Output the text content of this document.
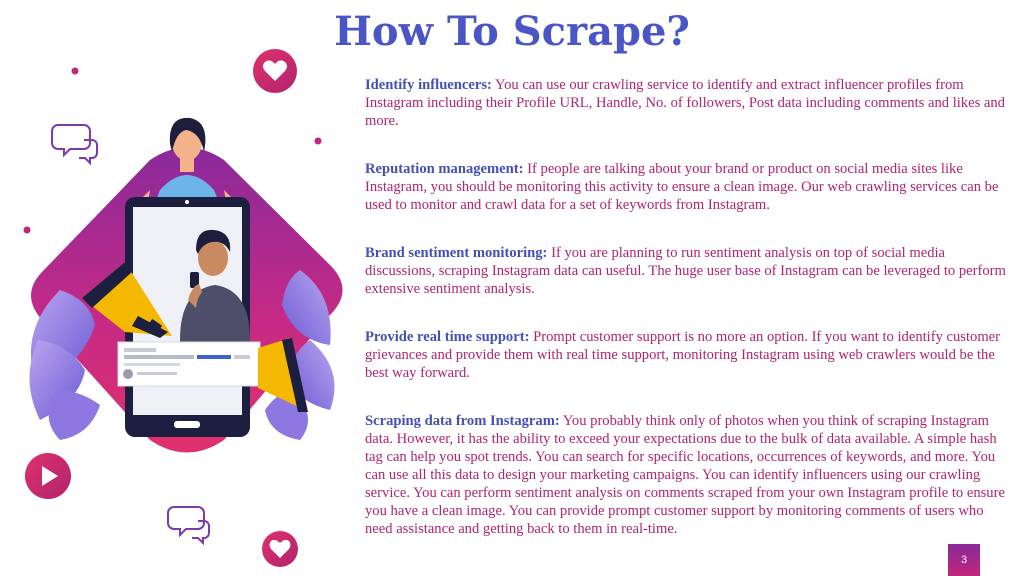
How To Scrape?

Identify influencers: You can use our crawling service to identify and extract influencer profiles from Instagram including their Profile URL, Handle, No. of followers, Post data including comments and likes and more.

Reputation management: If people are talking about your brand or product on social media sites like Instagram, you should be monitoring this activity to ensure a clean image. Our web crawling services can be used to monitor and crawl data for a set of keywords from Instagram.

Brand sentiment monitoring: If you are planning to run sentiment analysis on top of social media discussions, scraping Instagram data can useful. The huge user base of Instagram can be leveraged to perform extensive sentiment analysis.

Provide real time support: Prompt customer support is no more an option. If you want to identify customer grievances and provide them with real time support, monitoring Instagram using web crawlers would be the best way forward.

Scraping data from Instagram: You probably think only of photos when you think of scraping Instagram data. However, it has the ability to exceed your expectations due to the bulk of data available. A simple hash tag can help you spot trends. You can search for specific locations, occurrences of keywords, and more. You can use all this data to design your marketing campaigns. You can identify influencers using our crawling service. You can perform sentiment analysis on comments scraped from your own Instagram profile to ensure you have a clean image. You can provide prompt customer support by monitoring comments of users who need assistance and getting back to them in real-time.

3
